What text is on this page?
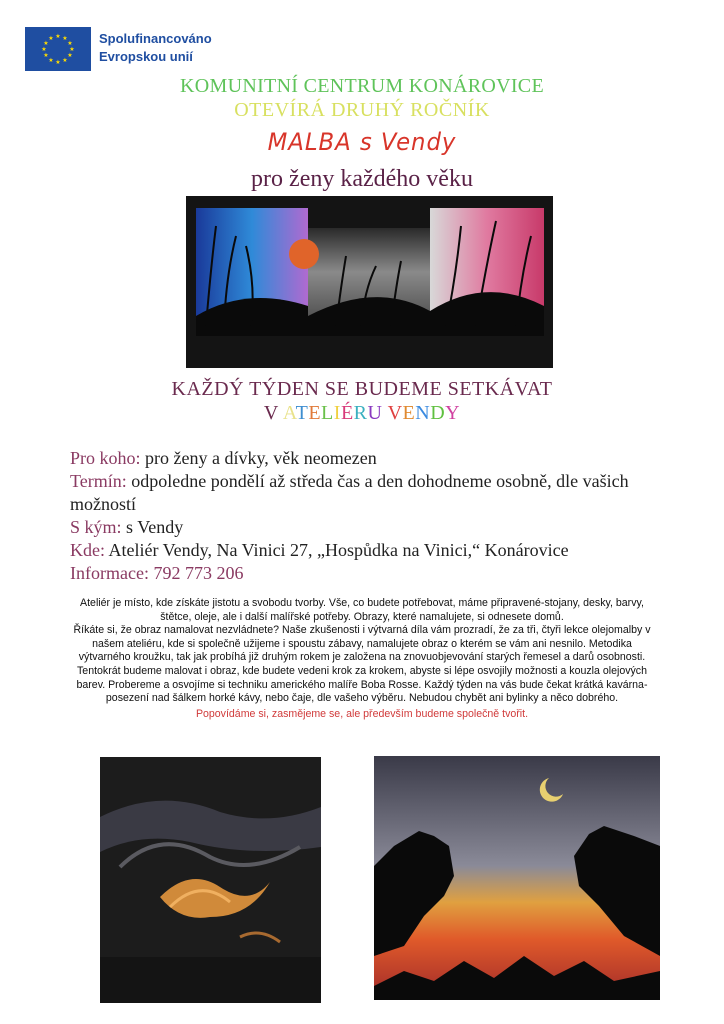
★ ★
★
★
★
★
★
★
★
★
★
★	Spolufinancováno
Evropskou unií
KOMUNITNÍ CENTRUM KONÁROVICE
OTEVÍRÁ DRUHÝ ROČNÍK
MALBA s Vendy
pro ženy každého věku
KAŽDÝ TÝDEN SE BUDEME SETKÁVAT
V ATELIÉRU VENDY

Pro koho: pro ženy a dívky, věk neomezen

Termín: odpoledne pondělí až středa čas a den dohodneme osobně, dle vašich možností

S kým: s Vendy

Kde: Ateliér Vendy, Na Vinici 27, „Hospůdka na Vinici,“ Konárovice

Informace: 792 773 206

Ateliér je místo, kde získáte jistotu a svobodu tvorby. Vše, co budete potřebovat, máme připravené-stojany, desky, barvy, štětce, oleje, ale i další malířské potřeby. Obrazy, které namalujete, si odnesete domů.

Říkáte si, že obraz namalovat nezvládnete? Naše zkušenosti i výtvarná díla vám prozradí, že za tři, čtyři lekce olejomalby v našem ateliéru, kde si společně užijeme i spoustu zábavy, namalujete obraz o kterém se vám ani nesnilo. Metodika výtvarného kroužku, tak jak probíhá již druhým rokem je založena na znovuobjevování starých řemesel a darů osobnosti.

Tentokrát budeme malovat i obraz, kde budete vedeni krok za krokem, abyste si lépe osvojily možnosti a kouzla olejových barev. Probereme a osvojíme si techniku amerického malíře Boba Rosse. Každý týden na vás bude čekat krátká kavárna- posezení nad šálkem horké kávy, nebo čaje, dle vašeho výběru. Nebudou chybět ani bylinky a něco dobrého.

Popovídáme si, zasmějeme se, ale především budeme společně tvořit.
